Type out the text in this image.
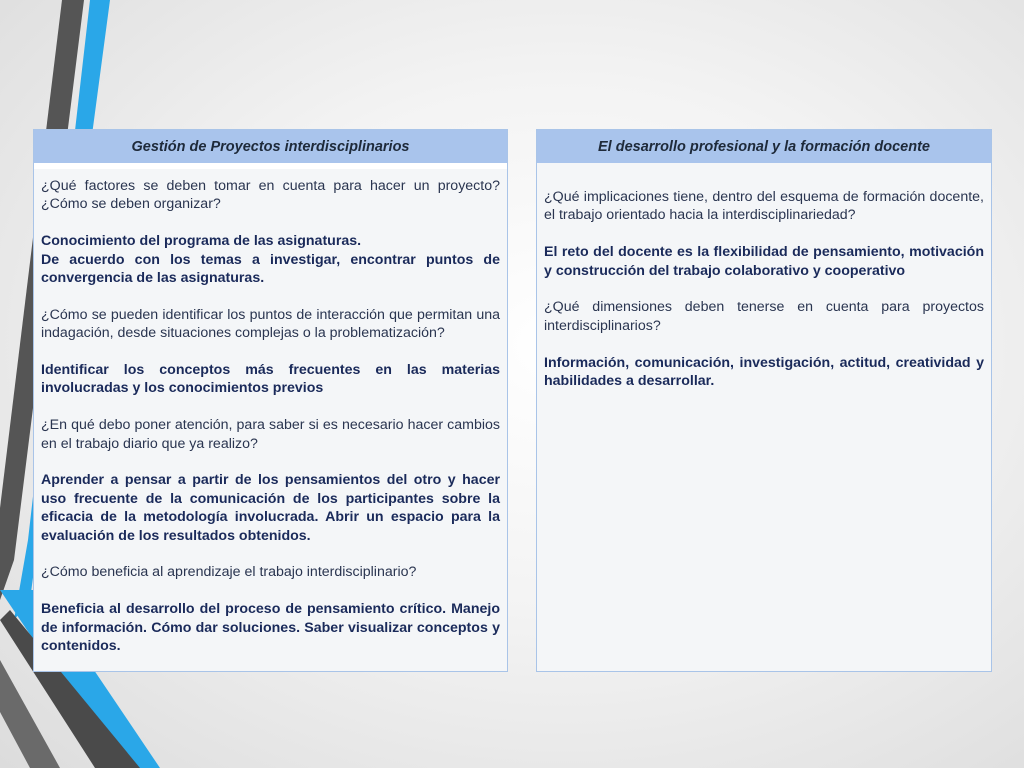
Gestión de Proyectos interdisciplinarios

¿Qué factores se deben tomar en cuenta para hacer un proyecto? ¿Cómo se deben organizar?

Conocimiento del programa de las asignaturas.

De acuerdo con los temas a investigar, encontrar puntos de convergencia de las asignaturas.

¿Cómo se pueden identificar los puntos de interacción que permitan una indagación, desde situaciones complejas o la problematización?

Identificar los conceptos más frecuentes en las materias involucradas y los conocimientos previos

¿En qué debo poner atención, para saber si es necesario hacer cambios en el trabajo diario que ya realizo?

Aprender a pensar a partir de los pensamientos del otro y hacer uso frecuente de la comunicación de los participantes sobre la eficacia de la metodología involucrada. Abrir un espacio para la evaluación de los resultados obtenidos.

¿Cómo beneficia al aprendizaje el trabajo interdisciplinario?

Beneficia al desarrollo del proceso de pensamiento crítico. Manejo de información. Cómo dar soluciones. Saber visualizar conceptos y contenidos.

El desarrollo profesional y la formación docente

¿Qué implicaciones tiene, dentro del esquema de formación docente, el trabajo orientado hacia la interdisciplinariedad?

El reto del docente es la flexibilidad de pensamiento, motivación y construcción del trabajo colaborativo y cooperativo

¿Qué dimensiones deben tenerse en cuenta para proyectos interdisciplinarios?

Información, comunicación, investigación, actitud, creatividad y habilidades a desarrollar.
